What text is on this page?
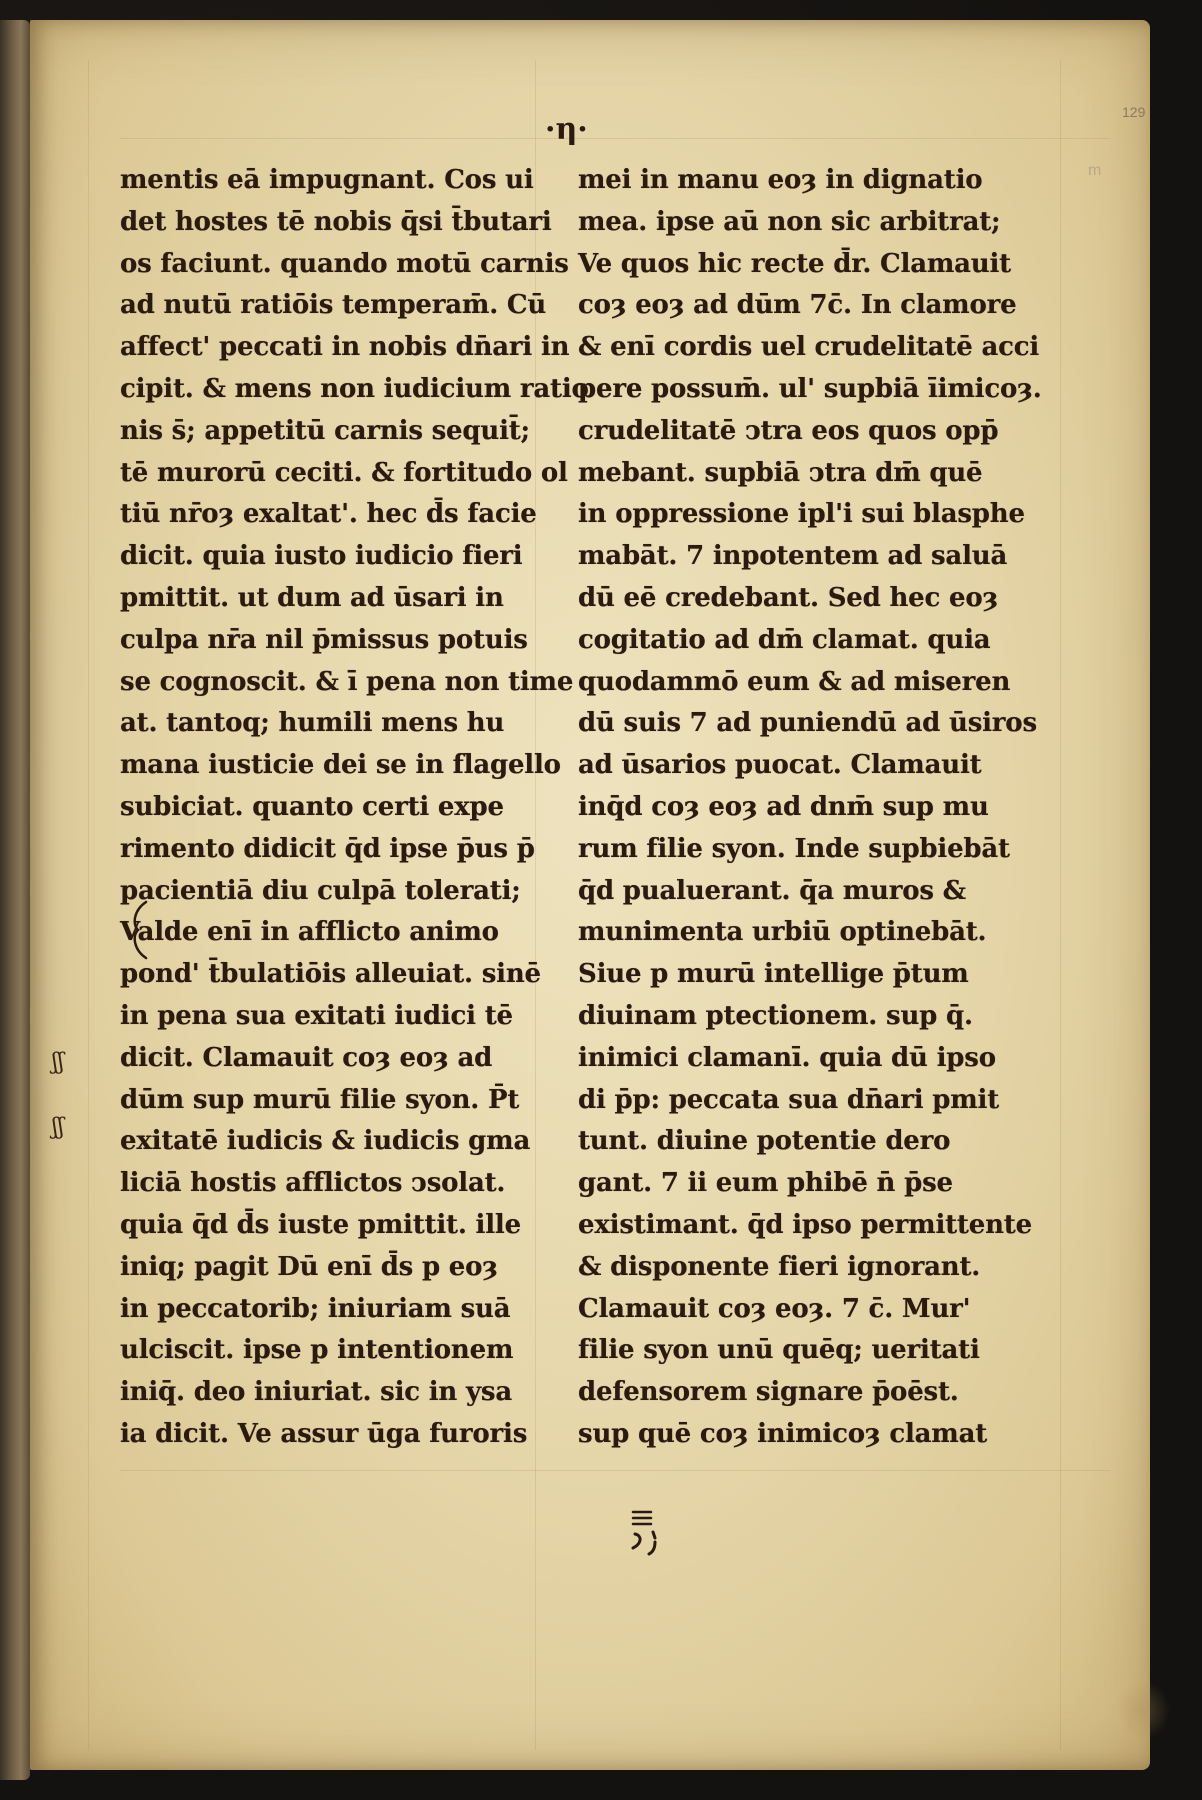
·η·	129
m
ʃʃ
ʃʃ
mentis eā impugnant. Cos ui
det hostes tē nobis q̄si t̄butari
os faciunt. quando motū carnis
ad nutū ratiōis temperam̄. Cū
affect' peccati in nobis dn̄ari in
cipit. & mens non iudicium ratio
nis s̄; appetitū carnis sequit̄;
tē murorū ceciti. & fortitudo ol
tiū nr̄oȝ exaltat'. hec d̄s facie
dicit. quia iusto iudicio fieri
pmittit. ut dum ad ūsari in
culpa nr̄a nil p̄missus potuis
se cognoscit. & ī pena non time
at. tantoq; humili mens hu
mana iusticie dei se in flagello
subiciat. quanto certi expe
rimento didicit q̄d ipse p̄us p̄
pacientiā diu culpā tolerati;
Valde enī in afflicto animo
pond' t̄bulatiōis alleuiat. sinē
in pena sua exitati iudici tē
dicit. Clamauit coȝ eoȝ ad
dūm sup murū filie syon. P̄t
exitatē iudicis & iudicis gma
liciā hostis afflictos ↄsolat.
quia q̄d d̄s iuste pmittit. ille
iniq; pagit Dū enī d̄s p eoȝ
in peccatorib; iniuriam suā
ulciscit. ipse p intentionem
iniq̄. deo iniuriat. sic in ysa
ia dicit. Ve assur ūga furoris
mei in manu eoȝ in dignatio
mea. ipse aū non sic arbitrat;
Ve quos hic recte d̄r. Clamauit
coȝ eoȝ ad dūm 7c̄. In clamore
& enī cordis uel crudelitatē acci
pere possum̄. ul' supbiā īimicoȝ.
crudelitatē ↄtra eos quos opp̄
mebant. supbiā ↄtra dm̄ quē
in oppressione ipl'i sui blasphe
mabāt. 7 inpotentem ad saluā
dū eē credebant. Sed hec eoȝ
cogitatio ad dm̄ clamat. quia
quodammō eum & ad miseren
dū suis 7 ad puniendū ad ūsiros
ad ūsarios puocat. Clamauit
inq̄d coȝ eoȝ ad dnm̄ sup mu
rum filie syon. Inde supbiebāt
q̄d pualuerant. q̄a muros &
munimenta urbiū optinebāt.
Siue p murū intellige p̄tum
diuinam ptectionem. sup q̄.
inimici clamanī. quia dū ipso
di p̄p: peccata sua dn̄ari pmit
tunt. diuine potentie dero
gant. 7 ii eum phibē n̄ p̄se
existimant. q̄d ipso permittente
& disponente fieri ignorant.
Clamauit coȝ eoȝ. 7 c̄. Mur'
filie syon unū quēq; ueritati
defensorem signare p̄oēst.
sup quē coȝ inimicoȝ clamat
